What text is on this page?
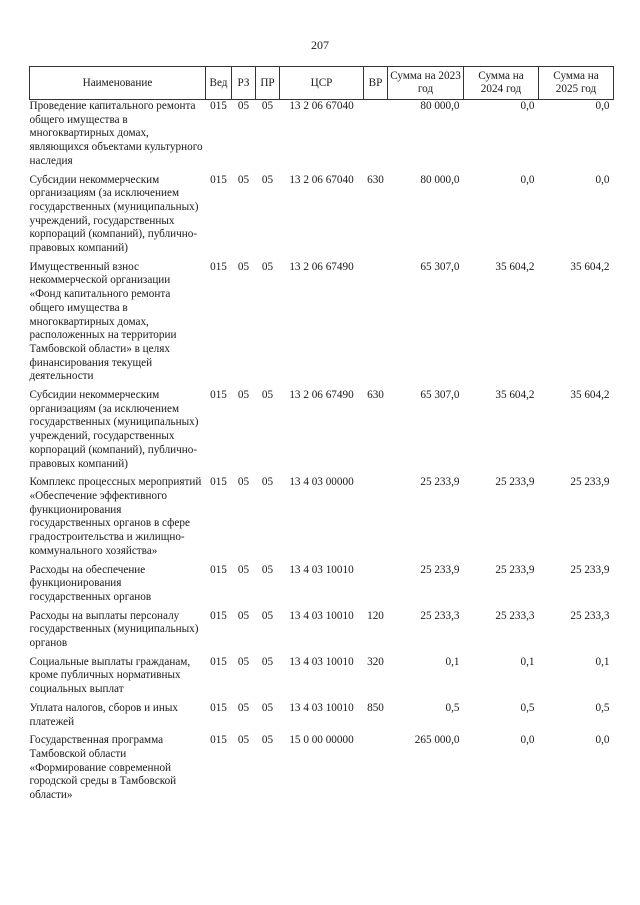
207
Наименование	Вед	РЗ	ПР	ЦСР	ВР	Сумма на 2023 год	Сумма на 2024 год	Сумма на 2025 год
Проведение капитального ремонта общего имущества в многоквартирных домах, являющихся объектами культурного наследия	015	05	05	13 2 06 67040		80 000,0	0,0	0,0

Субсидии некоммерческим организациям (за исключением государственных (муниципальных) учреждений, государственных корпораций (компаний), публично-правовых компаний)	015	05	05	13 2 06 67040	630	80 000,0	0,0	0,0

Имущественный взнос некоммерческой организации «Фонд капитального ремонта общего имущества в многоквартирных домах, расположенных на территории Тамбовской области» в целях финансирования текущей деятельности	015	05	05	13 2 06 67490		65 307,0	35 604,2	35 604,2

Субсидии некоммерческим организациям (за исключением государственных (муниципальных) учреждений, государственных корпораций (компаний), публично-правовых компаний)	015	05	05	13 2 06 67490	630	65 307,0	35 604,2	35 604,2

Комплекс процессных мероприятий «Обеспечение эффективного функционирования государственных органов в сфере градостроительства и жилищно-коммунального хозяйства»	015	05	05	13 4 03 00000		25 233,9	25 233,9	25 233,9

Расходы на обеспечение функционирования государственных органов	015	05	05	13 4 03 10010		25 233,9	25 233,9	25 233,9

Расходы на выплаты персоналу государственных (муниципальных) органов	015	05	05	13 4 03 10010	120	25 233,3	25 233,3	25 233,3

Социальные выплаты гражданам, кроме публичных нормативных социальных выплат	015	05	05	13 4 03 10010	320	0,1	0,1	0,1

Уплата налогов, сборов и иных платежей	015	05	05	13 4 03 10010	850	0,5	0,5	0,5

Государственная программа Тамбовской области «Формирование современной городской среды в Тамбовской области»	015	05	05	15 0 00 00000		265 000,0	0,0	0,0
